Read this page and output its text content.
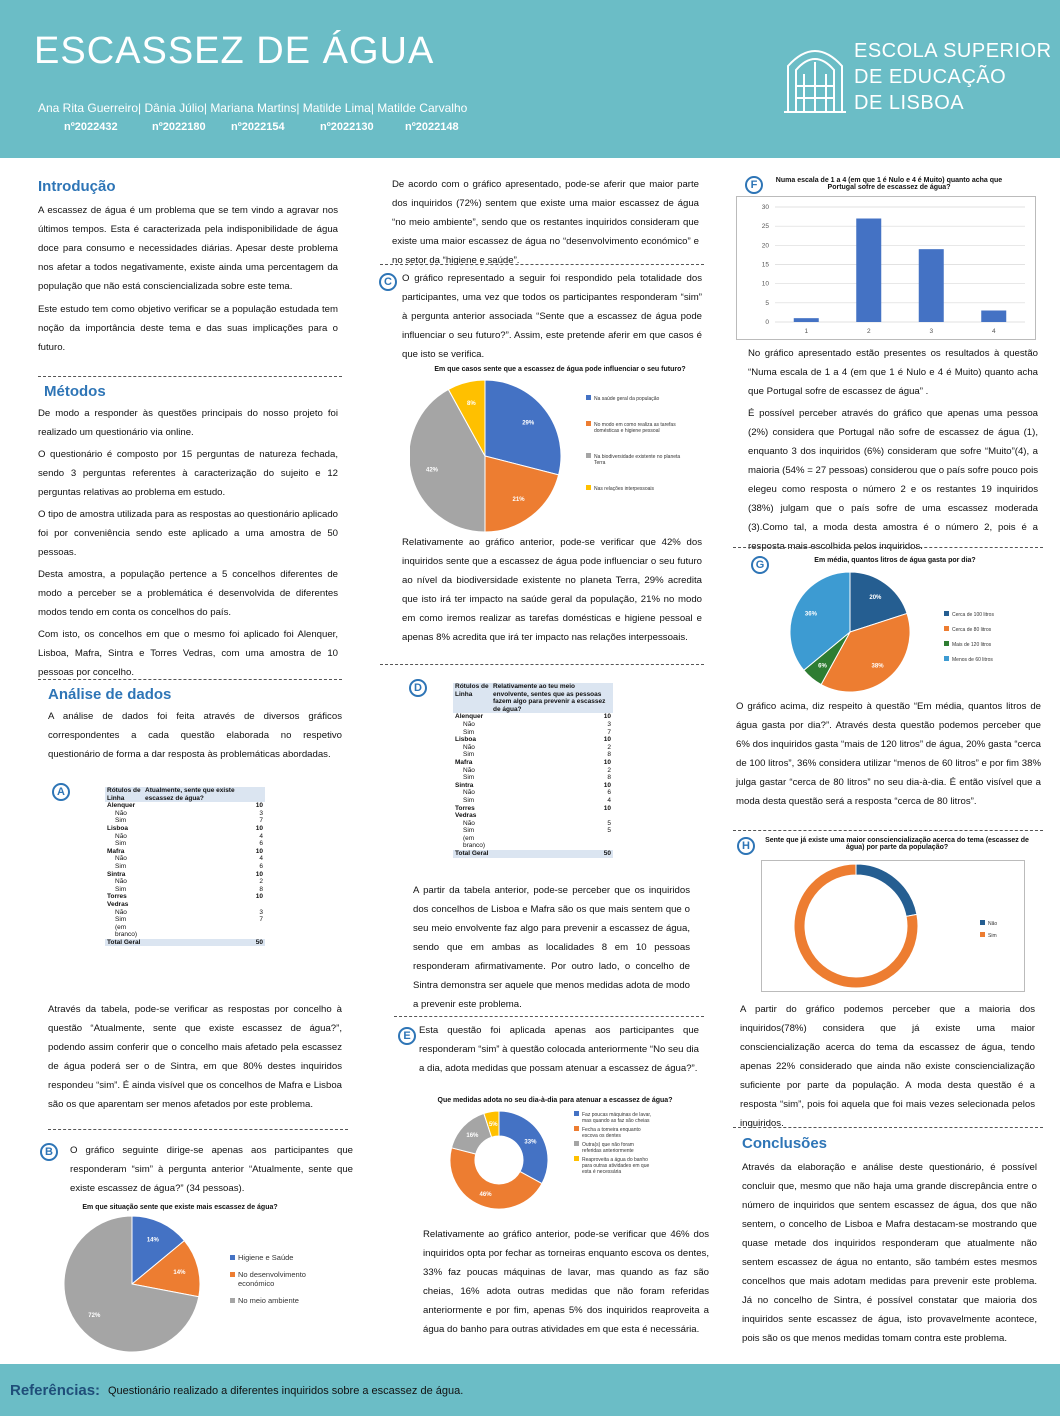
ESCASSEZ DE ÁGUA
Ana Rita Guerreiro| Dânia Júlio| Mariana Martins| Matilde Lima| Matilde Carvalho
nº2022432	nº2022180 nº2022154	nº2022130	nº2022148
ESCOLA SUPERIOR
DE EDUCAÇÃO
DE LISBOA
Introdução

A escassez de água é um problema que se tem vindo a agravar nos últimos tempos. Esta é caracterizada pela indisponibilidade de água doce para consumo e necessidades diárias. Apesar deste problema nos afetar a todos negativamente, existe ainda uma percentagem da população que não está consciencializada sobre este tema.

Este estudo tem como objetivo verificar se a população estudada tem noção da importância deste tema e das suas implicações para o futuro.

Métodos

De modo a responder às questões principais do nosso projeto foi realizado um questionário via online.

O questionário é composto por 15 perguntas de natureza fechada, sendo 3 perguntas referentes à caracterização do sujeito e 12 perguntas relativas ao problema em estudo.

O tipo de amostra utilizada para as respostas ao questionário aplicado foi por conveniência sendo este aplicado a uma amostra de 50 pessoas.

Desta amostra, a população pertence a 5 concelhos diferentes de modo a perceber se a problemática é desenvolvida de diferentes modos tendo em conta os concelhos do país.

Com isto, os concelhos em que o mesmo foi aplicado foi Alenquer, Lisboa, Mafra, Sintra e Torres Vedras, com uma amostra de 10 pessoas por concelho.

Análise de dados

A análise de dados foi feita através de diversos gráficos correspondentes a cada questão elaborada no respetivo questionário de forma a dar resposta às problemáticas abordadas.

A	Rótulos de Linha	Atualmente, sente que existe escassez de água?	
Alenquer		10
Não		3
Sim		7
Lisboa		10
Não		4
Sim		6
Mafra		10
Não		4
Sim		6
Sintra		10
Não		2
Sim		8
Torres Vedras		10
Não		3
Sim		7
(em branco)		
Total Geral		50

Através da tabela, pode-se verificar as respostas por concelho à questão “Atualmente, sente que existe escassez de água?”, podendo assim conferir que o concelho mais afetado pela escassez de água poderá ser o de Sintra, em que 80% destes inquiridos respondeu “sim”. É ainda visível que os concelhos de Mafra e Lisboa são os que aparentam ser menos afetados por este problema.

B	O gráfico seguinte dirige-se apenas aos participantes que responderam “sim” à pergunta anterior “Atualmente, sente que existe escassez de água?” (34 pessoas).

Em que situação sente que existe mais escassez de água?
14%
14%
72%
Higiene e Saúde
No desenvolvimento
económico
No meio ambiente

De acordo com o gráfico apresentado, pode-se aferir que maior parte dos inquiridos (72%) sentem que existe uma maior escassez de água “no meio ambiente”, sendo que os restantes inquiridos consideram que existe uma maior escassez de água no “desenvolvimento económico” e no setor da “higiene e saúde”.

C	O gráfico representado a seguir foi respondido pela totalidade dos participantes, uma vez que todos os participantes responderam “sim” à pergunta anterior associada “Sente que a escassez de água pode influenciar o seu futuro?”. Assim, este pretende aferir em que casos é que isto se verifica.

Em que casos sente que a escassez de água pode influenciar o seu futuro?
29%
21%
42%
8%
Na saúde geral da população
No modo em como realiza as tarefas
domésticas e higiene pessoal
Na biodiversidade existente no planeta
Terra
Nas relações interpessoais

Relativamente ao gráfico anterior, pode-se verificar que 42% dos inquiridos sente que a escassez de água pode influenciar o seu futuro ao nível da biodiversidade existente no planeta Terra, 29% acredita que isto irá ter impacto na saúde geral da população, 21% no modo em como iremos realizar as tarefas domésticas e higiene pessoal e apenas 8% acredita que irá ter impacto nas relações interpessoais.

D	Rótulos de Linha	Relativamente ao teu meio envolvente, sentes que as pessoas fazem algo para prevenir a escassez de água?	
Alenquer		10
Não		3
Sim		7
Lisboa		10
Não		2
Sim		8
Mafra		10
Não		2
Sim		8
Sintra		10
Não		6
Sim		4
Torres Vedras		10
Não		5
Sim		5
(em branco)		
Total Geral		50

A partir da tabela anterior, pode-se perceber que os inquiridos dos concelhos de Lisboa e Mafra são os que mais sentem que o seu meio envolvente faz algo para prevenir a escassez de água, sendo que em ambas as localidades 8 em 10 pessoas responderam afirmativamente. Por outro lado, o concelho de Sintra demonstra ser aquele que menos medidas adota de modo a prevenir este problema.

E Esta questão foi aplicada apenas aos participantes que responderam “sim” à questão colocada anteriormente “No seu dia a dia, adota medidas que possam atenuar a escassez de água?”.

Que medidas adota no seu dia-à-dia para atenuar a escassez de água?
33%
46%
16%
5%
Faz poucas máquinas de lavar,
mas quando as faz são cheias
Fecha a torneira enquanto
escova os dentes
Outra(s) que não foram
referidas anteriormente
Reaproveita a água do banho
para outras atividades em que
esta é necessária

Relativamente ao gráfico anterior, pode-se verificar que 46% dos inquiridos opta por fechar as torneiras enquanto escova os dentes, 33% faz poucas máquinas de lavar, mas quando as faz são cheias, 16% adota outras medidas que não foram referidas anteriormente e por fim, apenas 5% dos inquiridos reaproveita a água do banho para outras atividades em que esta é necessária.

F	Numa escala de 1 a 4 (em que 1 é Nulo e 4 é Muito) quanto acha que Portugal sofre de escassez de água?
0
5
10
15
20
25
30
1	2	3	4

No gráfico apresentado estão presentes os resultados à questão “Numa escala de 1 a 4 (em que 1 é Nulo e 4 é Muito) quanto acha que Portugal sofre de escassez de água” .

É possível perceber através do gráfico que apenas uma pessoa (2%) considera que Portugal não sofre de escassez de água (1), enquanto 3 dos inquiridos (6%) consideram que sofre “Muito”(4), a maioria (54% = 27 pessoas) considerou que o país sofre pouco pois elegeu como resposta o número 2 e os restantes 19 inquiridos (38%) julgam que o país sofre de uma escassez moderada (3).Como tal, a moda desta amostra é o número 2, pois é a resposta mais escolhida pelos inquiridos.

G	Em média, quantos litros de água gasta por dia?
20%
38%
6%
36%	Cerca de 100 litros
Cerca de 80 litros
Mais de 120 litros
Menos de 60 litros

O gráfico acima, diz respeito à questão “Em média, quantos litros de água gasta por dia?”. Através desta questão podemos perceber que 6% dos inquiridos gasta “mais de 120 litros” de água, 20% gasta “cerca de 100 litros”, 36% considera utilizar “menos de 60 litros” e por fim 38% julga gastar “cerca de 80 litros” no seu dia-à-dia. É então visível que a moda desta questão será a resposta “cerca de 80 litros”.

H	Sente que já existe uma maior consciencialização acerca do tema (escassez de água) por parte da população?
Não
Sim

A partir do gráfico podemos perceber que a maioria dos inquiridos(78%) considera que já existe uma maior consciencialização acerca do tema da escassez de água, tendo apenas 22% considerado que ainda não existe consciencialização suficiente por parte da população. A moda desta questão é a resposta “sim”, pois foi aquela que foi mais vezes selecionada pelos inquiridos.

Conclusões

Através da elaboração e análise deste questionário, é possível concluir que, mesmo que não haja uma grande discrepância entre o número de inquiridos que sentem escassez de água, dos que não sentem, o concelho de Lisboa e Mafra destacam-se mostrando que quase metade dos inquiridos responderam que atualmente não sentem escassez de água no entanto, são também estes mesmos concelhos que mais adotam medidas para prevenir este problema. Já no concelho de Sintra, é possível constatar que maioria dos inquiridos sente escassez de água, isto provavelmente acontece, pois são os que menos medidas tomam contra este problema.

Referências: Questionário realizado a diferentes inquiridos sobre a escassez de água.
